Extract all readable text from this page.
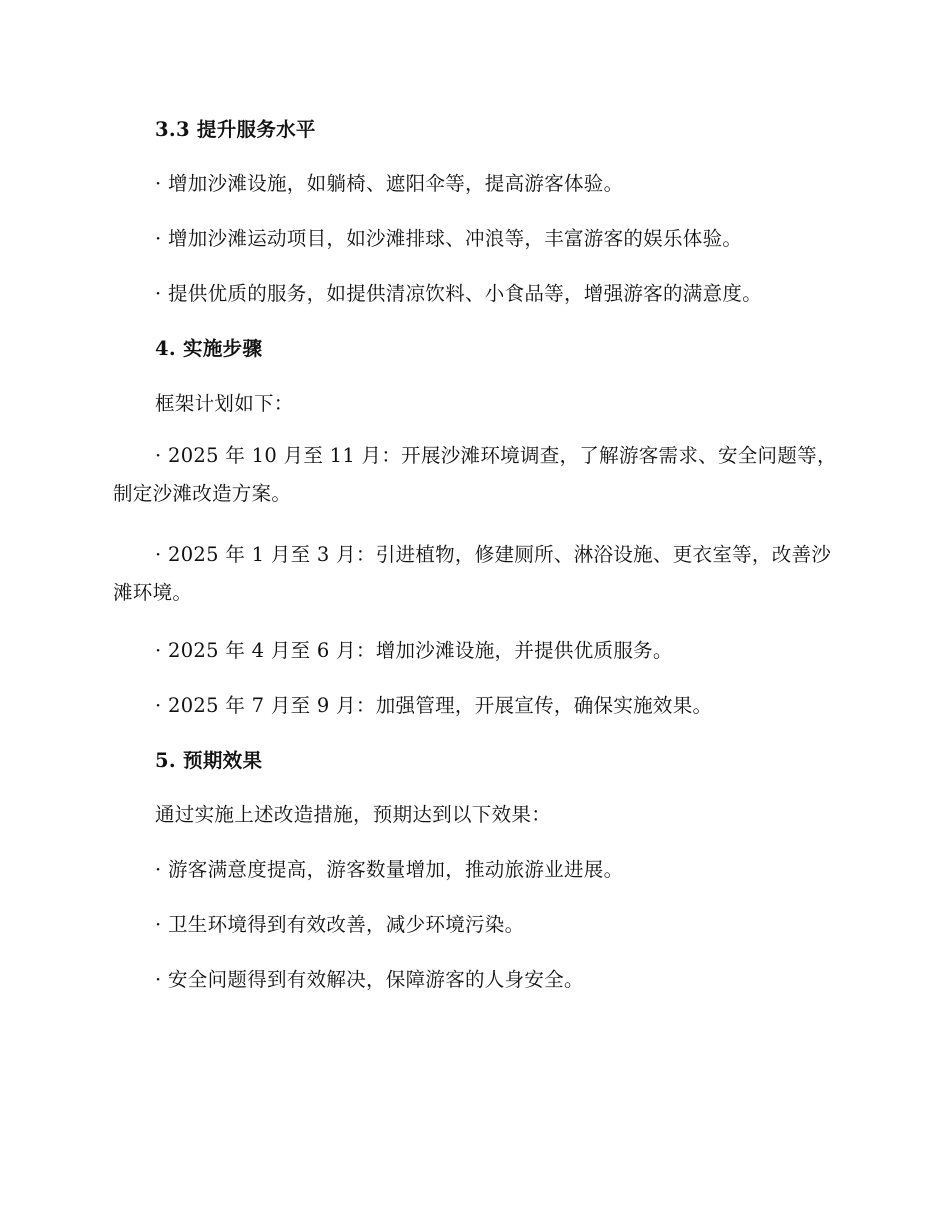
3.3 提升服务水平
· 增加沙滩设施，如躺椅、遮阳伞等，提高游客体验。
· 增加沙滩运动项目，如沙滩排球、冲浪等，丰富游客的娱乐体验。
· 提供优质的服务，如提供清凉饮料、小食品等，增强游客的满意度。
4. 实施步骤
框架计划如下：
· 2025 年 10 月至 11 月：开展沙滩环境调查，了解游客需求、安全问题等，制定沙滩改造方案。
· 2025 年 1 月至 3 月：引进植物，修建厕所、淋浴设施、更衣室等，改善沙滩环境。
· 2025 年 4 月至 6 月：增加沙滩设施，并提供优质服务。
· 2025 年 7 月至 9 月：加强管理，开展宣传，确保实施效果。
5. 预期效果
通过实施上述改造措施，预期达到以下效果：
· 游客满意度提高，游客数量增加，推动旅游业进展。
· 卫生环境得到有效改善，减少环境污染。
· 安全问题得到有效解决，保障游客的人身安全。
